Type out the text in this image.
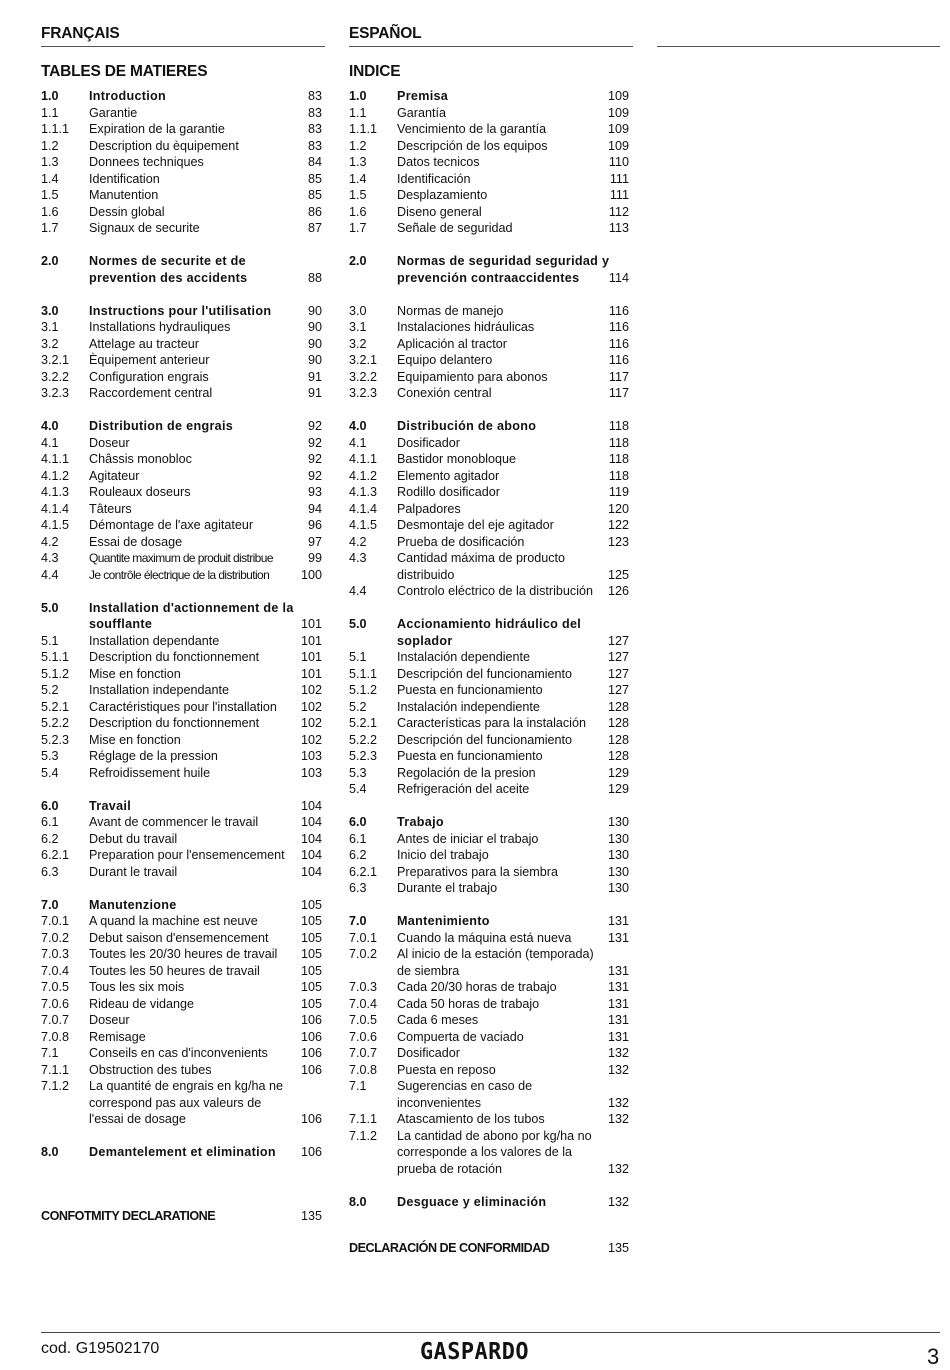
FRANÇAIS
TABLES DE MATIERES
1.0 Introduction	83
1.1 Garantie	83
1.1.1 Expiration de la garantie	83
1.2 Description du èquipement	83
1.3 Donnees techniques	84
1.4 Identification	85
1.5 Manutention	85
1.6 Dessin global	86
1.7 Signaux de securite	87
2.0 Normes de securite et de
prevention des accidents	88
3.0 Instructions pour l'utilisation	90
3.1 Installations hydrauliques	90
3.2 Attelage au tracteur	90
3.2.1 Èquipement anterieur	90
3.2.2 Configuration engrais	91
3.2.3 Raccordement central	91
4.0 Distribution de engrais	92
4.1 Doseur	92
4.1.1 Châssis monobloc	92
4.1.2 Agitateur	92
4.1.3 Rouleaux doseurs	93
4.1.4 Tâteurs	94
4.1.5 Démontage de l'axe agitateur	96
4.2 Essai de dosage	97
4.3	Quantite maximum de produit distribue	99
4.4	Je contrôle électrique de la distribution	100
5.0 Installation d'actionnement de la
soufflante	101
5.1 Installation dependante	101
5.1.1 Description du fonctionnement	101
5.1.2 Mise en fonction	101
5.2 Installation independante	102
5.2.1 Caractéristiques pour l'installation 102
5.2.2 Description du fonctionnement	102
5.2.3 Mise en fonction	102
5.3 Réglage de la pression	103
5.4 Refroidissement huile	103
6.0 Travail	104
6.1 Avant de commencer le travail	104
6.2 Debut du travail	104
6.2.1 Preparation pour l'ensemencement 104
6.3 Durant le travail	104
7.0 Manutenzione	105
7.0.1 A quand la machine est neuve	105
7.0.2 Debut saison d'ensemencement	105
7.0.3 Toutes les 20/30 heures de travail 105
7.0.4 Toutes les 50 heures de travail	105
7.0.5 Tous les six mois	105
7.0.6 Rideau de vidange	105
7.0.7 Doseur	106
7.0.8 Remisage	106
7.1 Conseils en cas d'inconvenients	106
7.1.1 Obstruction des tubes	106
7.1.2 La quantité de engrais en kg/ha ne
correspond pas aux valeurs de
l'essai de dosage	106
8.0 Demantelement et elimination 106
CONFOTMITY DECLARATIONE	135
ESPAÑOL
INDICE
1.0 Premisa	109
1.1 Garantía	109
1.1.1 Vencimiento de la garantía	109
1.2 Descripción de los equipos	109
1.3 Datos tecnicos	110
1.4 Identificación	111
1.5 Desplazamiento	111
1.6 Diseno general	112
1.7 Señale de seguridad	113
2.0 Normas de seguridad seguridad y
prevención contraaccidentes 114
3.0 Normas de manejo	116
3.1 Instalaciones hidráulicas	116
3.2 Aplicación al tractor	116
3.2.1 Equipo delantero	116
3.2.2 Equipamiento para abonos	117
3.2.3 Conexión central	117
4.0 Distribución de abono	118
4.1 Dosificador	118
4.1.1 Bastidor monobloque	118
4.1.2 Elemento agitador	118
4.1.3 Rodillo dosificador	119
4.1.4 Palpadores	120
4.1.5 Desmontaje del eje agitador	122
4.2 Prueba de dosificación	123
4.3 Cantidad máxima de producto
distribuido	125
4.4 Controlo eléctrico de la distribución 126
5.0 Accionamiento hidráulico del
soplador	127
5.1 Instalación dependiente	127
5.1.1 Descripción del funcionamiento	127
5.1.2 Puesta en funcionamiento	127
5.2 Instalación independiente	128
5.2.1 Características para la instalación 128
5.2.2 Descripción del funcionamiento	128
5.2.3 Puesta en funcionamiento	128
5.3 Regolación de la presion	129
5.4 Refrigeración del aceite	129
6.0 Trabajo	130
6.1 Antes de iniciar el trabajo	130
6.2 Inicio del trabajo	130
6.2.1 Preparativos para la siembra	130
6.3 Durante el trabajo	130
7.0 Mantenimiento	131
7.0.1 Cuando la máquina está nueva	131
7.0.2 Al inicio de la estación (temporada)
de siembra	131
7.0.3 Cada 20/30 horas de trabajo	131
7.0.4 Cada 50 horas de trabajo	131
7.0.5 Cada 6 meses	131
7.0.6 Compuerta de vaciado	131
7.0.7 Dosificador	132
7.0.8 Puesta en reposo	132
7.1 Sugerencias en caso de
inconvenientes	132
7.1.1 Atascamiento de los tubos	132
7.1.2 La cantidad de abono por kg/ha no
corresponde a los valores de la
prueba de rotación	132
8.0 Desguace y eliminación	132
DECLARACIÓN DE CONFORMIDAD	135
cod. G19502170	GASPARDO	3
